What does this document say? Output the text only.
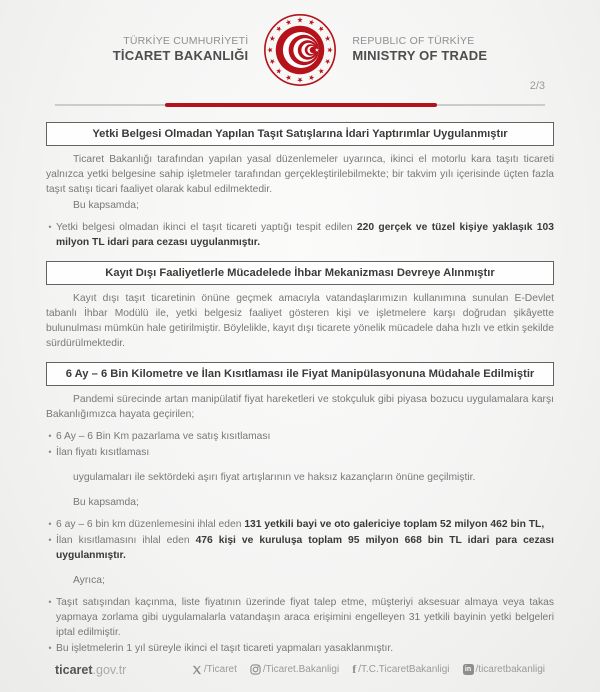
TÜRKİYE CUMHURİYETİ
TİCARET BAKANLIĞI
REPUBLIC OF TÜRKİYE
MINISTRY OF TRADE
2/3
Yetki Belgesi Olmadan Yapılan Taşıt Satışlarına İdari Yaptırımlar Uygulanmıştır

Ticaret Bakanlığı tarafından yapılan yasal düzenlemeler uyarınca, ikinci el motorlu kara taşıtı ticareti yalnızca yetki belgesine sahip işletmeler tarafından gerçekleştirilebilmekte; bir takvim yılı içerisinde üçten fazla taşıt satışı ticari faaliyet olarak kabul edilmektedir.

Bu kapsamda;

• Yetki belgesi olmadan ikinci el taşıt ticareti yaptığı tespit edilen 220 gerçek ve tüzel kişiye yaklaşık 103 milyon TL idari para cezası uygulanmıştır.
Kayıt Dışı Faaliyetlerle Mücadelede İhbar Mekanizması Devreye Alınmıştır

Kayıt dışı taşıt ticaretinin önüne geçmek amacıyla vatandaşlarımızın kullanımına sunulan E-Devlet tabanlı İhbar Modülü ile, yetki belgesiz faaliyet gösteren kişi ve işletmelere karşı doğrudan şikâyette bulunulması mümkün hale getirilmiştir. Böylelikle, kayıt dışı ticarete yönelik mücadele daha hızlı ve etkin şekilde sürdürülmektedir.

6 Ay – 6 Bin Kilometre ve İlan Kısıtlaması ile Fiyat Manipülasyonuna Müdahale Edilmiştir

Pandemi sürecinde artan manipülatif fiyat hareketleri ve stokçuluk gibi piyasa bozucu uygulamalara karşı Bakanlığımızca hayata geçirilen;

• 6 Ay – 6 Bin Km pazarlama ve satış kısıtlaması
• İlan fiyatı kısıtlaması

uygulamaları ile sektördeki aşırı fiyat artışlarının ve haksız kazançların önüne geçilmiştir.

Bu kapsamda;

• 6 ay – 6 bin km düzenlemesini ihlal eden 131 yetkili bayi ve oto galericiye toplam 52 milyon 462 bin TL,
• İlan kısıtlamasını ihlal eden 476 kişi ve kuruluşa toplam 95 milyon 668 bin TL idari para cezası uygulanmıştır.

Ayrıca;

• Taşıt satışından kaçınma, liste fiyatının üzerinde fiyat talep etme, müşteriyi aksesuar almaya veya takas yapmaya zorlama gibi uygulamalarla vatandaşın araca erişimini engelleyen 31 yetkili bayinin yetki belgeleri iptal edilmiştir.
• Bu işletmelerin 1 yıl süreyle ikinci el taşıt ticareti yapmaları yasaklanmıştır.
ticaret.gov.tr	/Ticaret	/Ticaret.Bakanligi f /T.C.TicaretBakanligi	in /ticaretbakanligi
